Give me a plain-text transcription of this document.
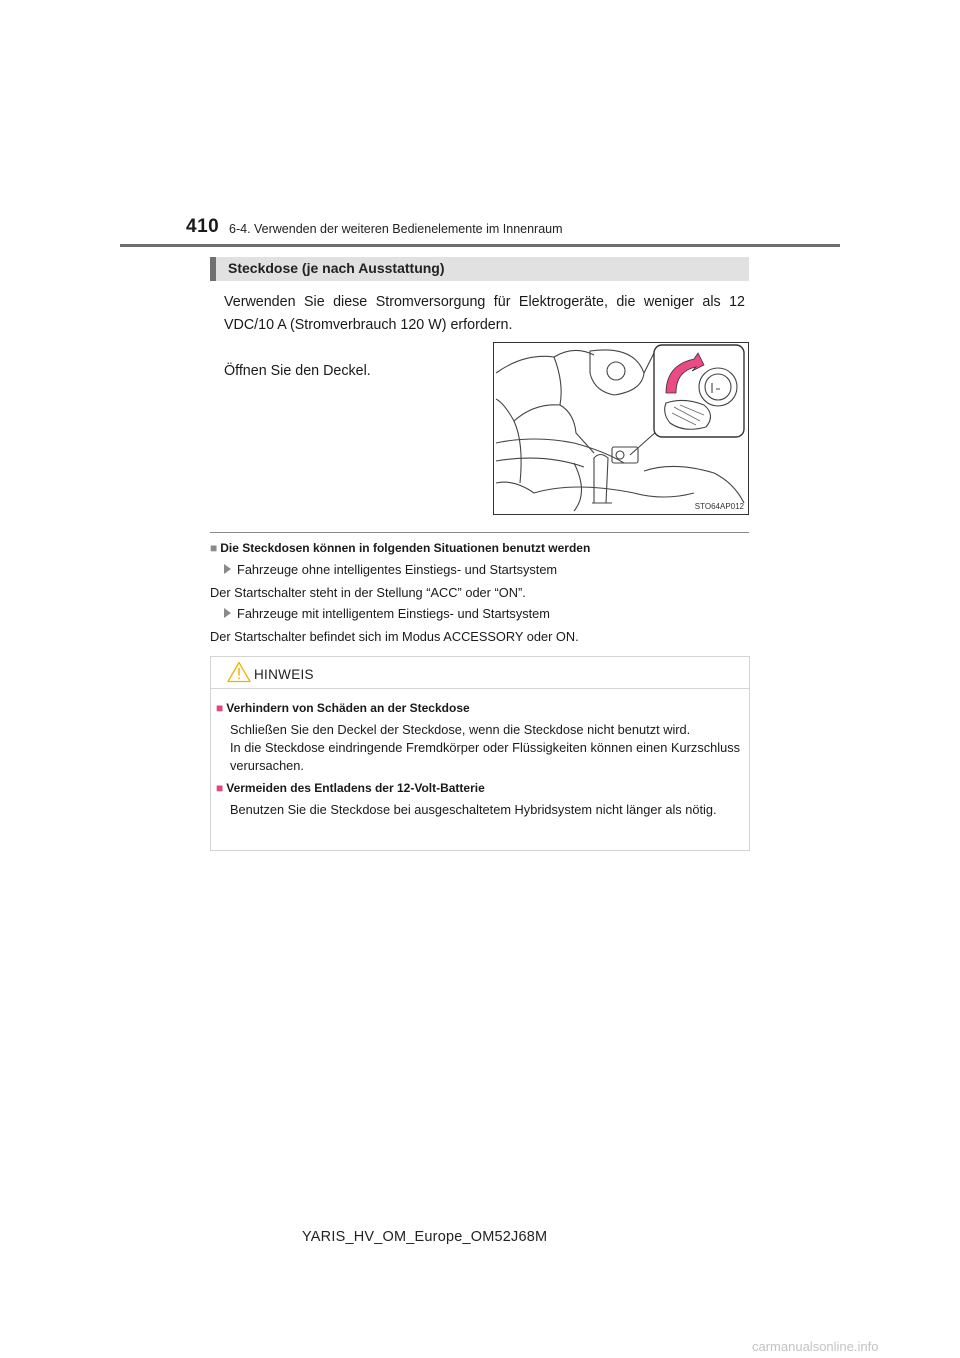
410 6-4. Verwenden der weiteren Bedienelemente im Innenraum
Steckdose (je nach Ausstattung)
Verwenden Sie diese Stromversorgung für Elektrogeräte, die weniger als 12 VDC/10 A (Stromverbrauch 120 W) erfordern.
Öffnen Sie den Deckel.
STO64AP012
■ Die Steckdosen können in folgenden Situationen benutzt werden
Fahrzeuge ohne intelligentes Einstiegs- und Startsystem
Der Startschalter steht in der Stellung “ACC” oder “ON”.
Fahrzeuge mit intelligentem Einstiegs- und Startsystem
Der Startschalter befindet sich im Modus ACCESSORY oder ON.
HINWEIS
■ Verhindern von Schäden an der Steckdose
Schließen Sie den Deckel der Steckdose, wenn die Steckdose nicht benutzt wird.
In die Steckdose eindringende Fremdkörper oder Flüssigkeiten können einen Kurzschluss verursachen.
■ Vermeiden des Entladens der 12-Volt-Batterie
Benutzen Sie die Steckdose bei ausgeschaltetem Hybridsystem nicht länger als nötig.
YARIS_HV_OM_Europe_OM52J68M
carmanualsonline.info
